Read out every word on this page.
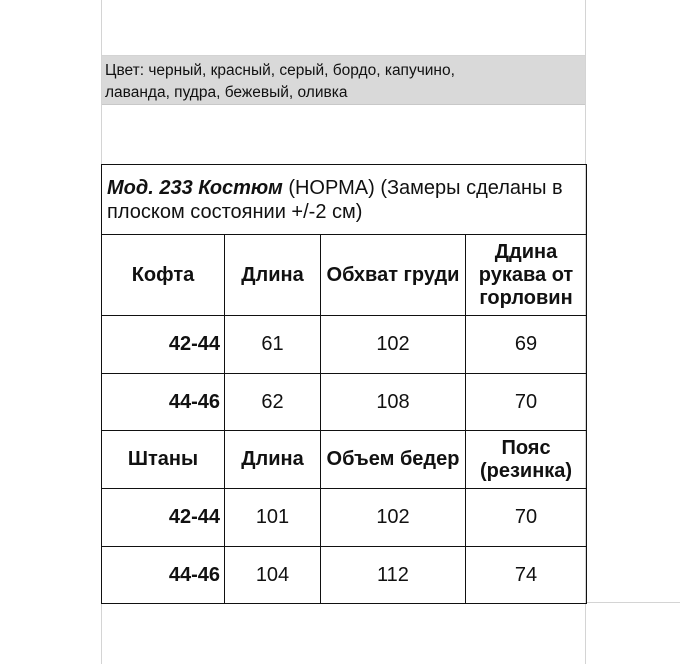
Цвет: черный, красный, серый, бордо, капучино,
лаванда, пудра, бежевый, оливка
Мод. 233 Костюм (НОРМА) (Замеры сделаны в плоском состоянии +/-2 см)			
Кофта	Длина	Обхват груди	Ддина рукава от горловин
42-44	61	102	69
44-46	62	108	70
Штаны	Длина	Объем бедер	Пояс (резинка)
42-44	101	102	70
44-46	104	112	74
